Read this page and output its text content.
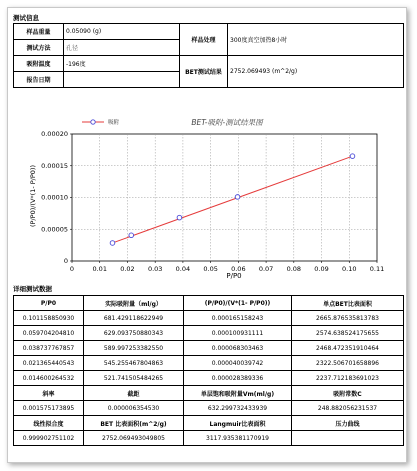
测试信息
样品重量	0.05090 (g)	样品处理	300度真空加热8小时
测试方法	孔径		
吸附温度	-196度	BET测试结果	2752.069493 (m^2/g)
报告日期			
0
0.00005
0.00010
0.00015
0.00020
0	0.01 0.02 0.03 0.04 0.05 0.06 0.07 0.08 0.09 0.10 0.11
BET-吸附-测试结果图
P/P0
(P/P0)/(V*(1- P/P0))
吸附
详细测试数据
P/P0	实际吸附量（ml/g）	(P/P0)/(V*(1- P/P0))	单点BET比表面积
0.101158850930	681.429118622949	0.000165158243	2665.876535813783
0.059704204810	629.093750880343	0.000100931111	2574.638524175655
0.038737767857	589.997253382550	0.000068303463	2468.472351910464
0.021365440543	545.255467804863	0.000040039742	2322.506701658896
0.014600264532	521.741505484265	0.000028389336	2237.712183691023
斜率	截距	单层饱和吸附量Vm(ml/g)	吸附常数C
0.001575173895	0.000006354530	632.299732433939	248.882056231537
线性拟合度	BET 比表面积(m^2/g)	Langmuir比表面积	压力曲线
0.999902751102	2752.069493049805	3117.935381170919	
